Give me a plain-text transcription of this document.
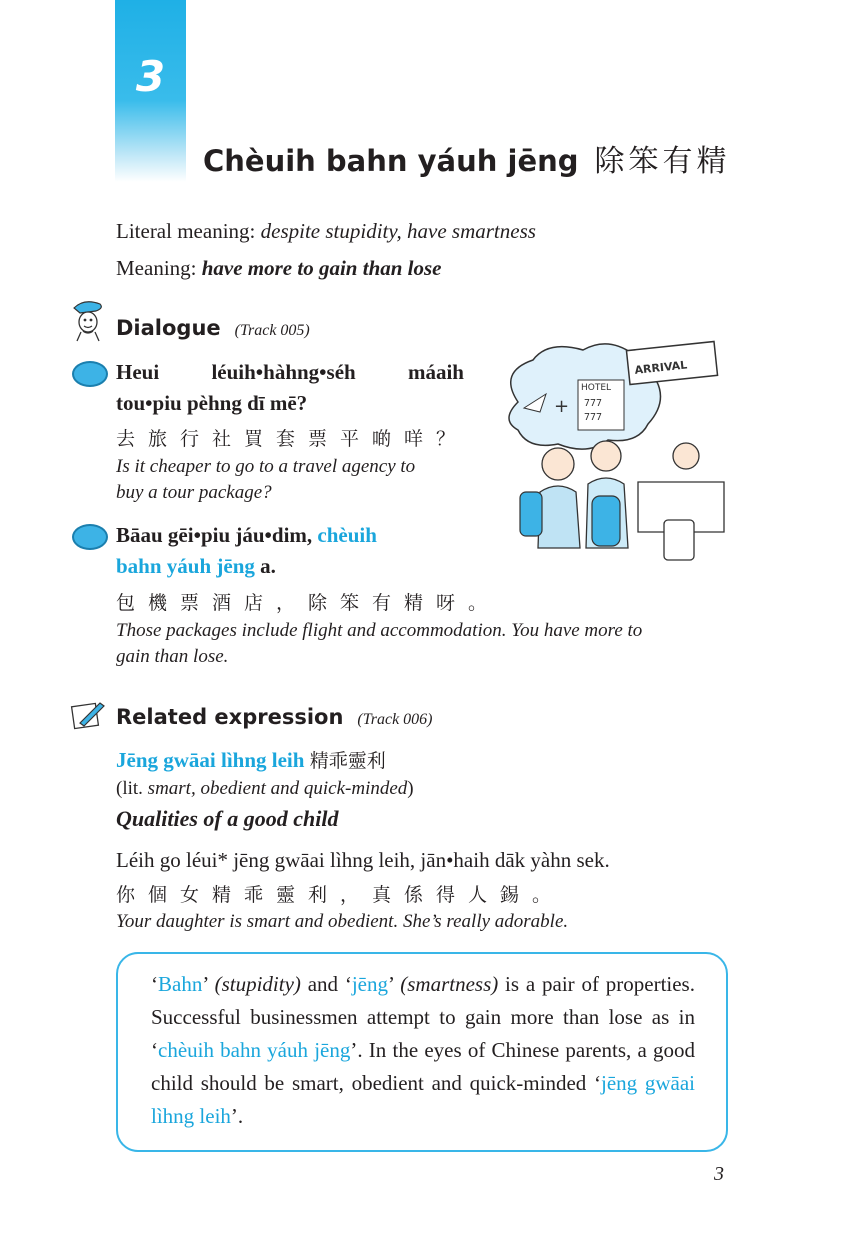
3
Chèuih bahn yáuh jēng 除笨有精
Literal meaning: despite stupidity, have smartness
Meaning: have more to gain than lose
Dialogue (Track 005)
Heui léuih•hàhng•séh máaih
tou•piu pèhng dī mē?
去旅行社買套票平啲咩？
Is it cheaper to go to a travel agency to
buy a tour package?
Bāau gēi•piu jáu•dim, chèuih
bahn yáuh jēng a.
包機票酒店，除笨有精呀。
Those packages include flight and accommodation. You have more to
gain than lose.
+
HOTEL
777
777
ARRIVAL
Related expression (Track 006)
Jēng gwāai lìhng leih 精乖靈利
(lit. smart, obedient and quick-minded)
Qualities of a good child
Léih go léui* jēng gwāai lìhng leih, jān•haih dāk yàhn sek.
你個女精乖靈利，真係得人錫。
Your daughter is smart and obedient. She’s really adorable.
‘Bahn’ (stupidity) and ‘jēng’ (smartness) is a pair of properties. Successful businessmen attempt to gain more than lose as in ‘chèuih bahn yáuh jēng’. In the eyes of Chinese parents, a good child should be smart, obedient and quick-minded ‘jēng gwāai lìhng leih’.
3
